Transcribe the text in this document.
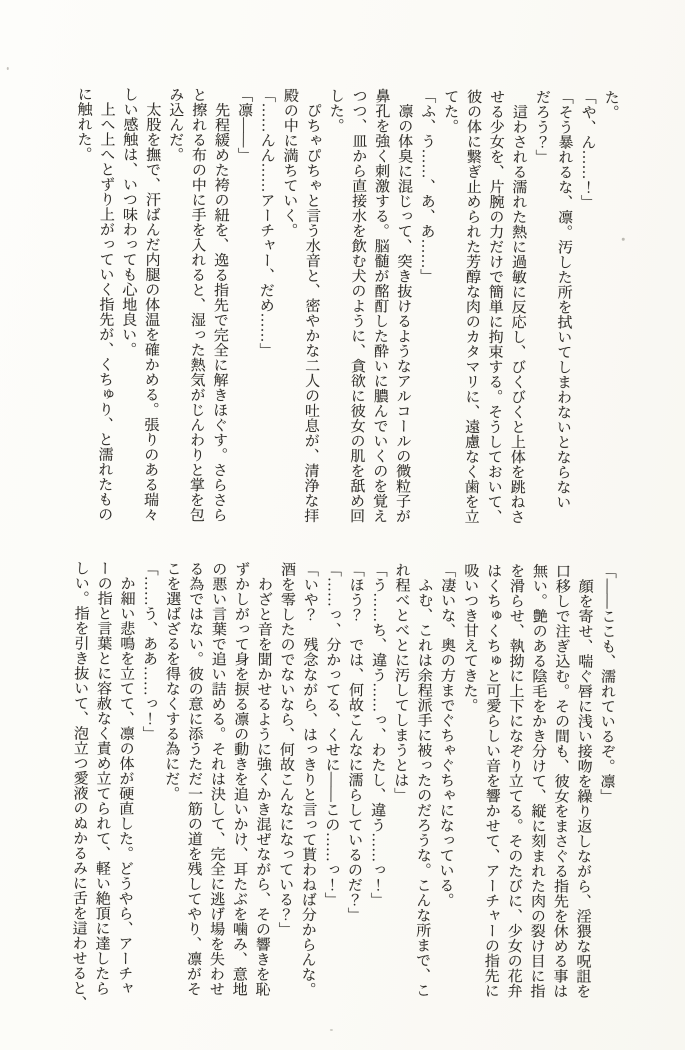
た。
「や、ん……！」
「そう暴れるな、凛。汚した所を拭いてしまわないとならない
だろう？」
　這わされる濡れた熱に過敏に反応し、びくびくと上体を跳ねさ
せる少女を、片腕の力だけで簡単に拘束する。そうしておいて、
彼の体に繋ぎ止められた芳醇な肉のカタマリに、遠慮なく歯を立
てた。
「ふ、う……、あ、あ……」
　凛の体臭に混じって、突き抜けるようなアルコールの微粒子が
鼻孔を強く刺激する。脳髄が酩酊した酔いに膿んでいくのを覚え
つつ、皿から直接水を飲む犬のように、貪欲に彼女の肌を舐め回
した。
　ぴちゃぴちゃと言う水音と、密やかな二人の吐息が、清浄な拝
殿の中に満ちていく。
「……んん……アーチャー、だめ……」
「凛――」
　先程緩めた袴の紐を、逸る指先で完全に解きほぐす。さらさら
と擦れる布の中に手を入れると、湿った熱気がじんわりと掌を包
み込んだ。
　太股を撫で、汗ばんだ内腿の体温を確かめる。張りのある瑞々
しい感触は、いつ味わっても心地良い。
　上へ上へとずり上がっていく指先が、くちゅり、と濡れたもの
に触れた。
「――ここも、濡れているぞ。凛」
　顔を寄せ、喘ぐ唇に浅い接吻を繰り返しながら、淫猥な呪詛を
口移しで注ぎ込む。その間も、彼女をまさぐる指先を休める事は
無い。艶のある陰毛をかき分けて、縦に刻まれた肉の裂け目に指
を滑らせ、執拗に上下になぞり立てる。そのたびに、少女の花弁
はくちゅくちゅと可愛らしい音を響かせて、アーチャーの指先に
吸いつき甘えてきた。
「凄いな、奥の方までぐちゃぐちゃになっている。
　ふむ、これは余程派手に被ったのだろうな。こんな所まで、こ
れ程べとべとに汚してしまうとは」
「う……ち、違う……っ、わたし、違う……っ！」
「ほう？　では、何故こんなに濡らしているのだ？」
「……っ、分かってる、くせに――この……っ！」
「いや？　残念ながら、はっきりと言って貰わねば分からんな。
酒を零したのでないなら、何故こんなになっている？」
　わざと音を聞かせるように強くかき混ぜながら、その響きを恥
ずかしがって身を捩る凛の動きを追いかけ、耳たぶを噛み、意地
の悪い言葉で追い詰める。それは決して、完全に逃げ場を失わせ
る為ではない。彼の意に添うただ一筋の道を残してやり、凛がそ
こを選ばざるを得なくする為にだ。
「……う、ああ……っ！」
　か細い悲鳴を立てて、凛の体が硬直した。どうやら、アーチャ
ーの指と言葉とに容赦なく責め立てられて、軽い絶頂に達したら
しい。指を引き抜いて、泡立つ愛液のぬかるみに舌を這わせると、
